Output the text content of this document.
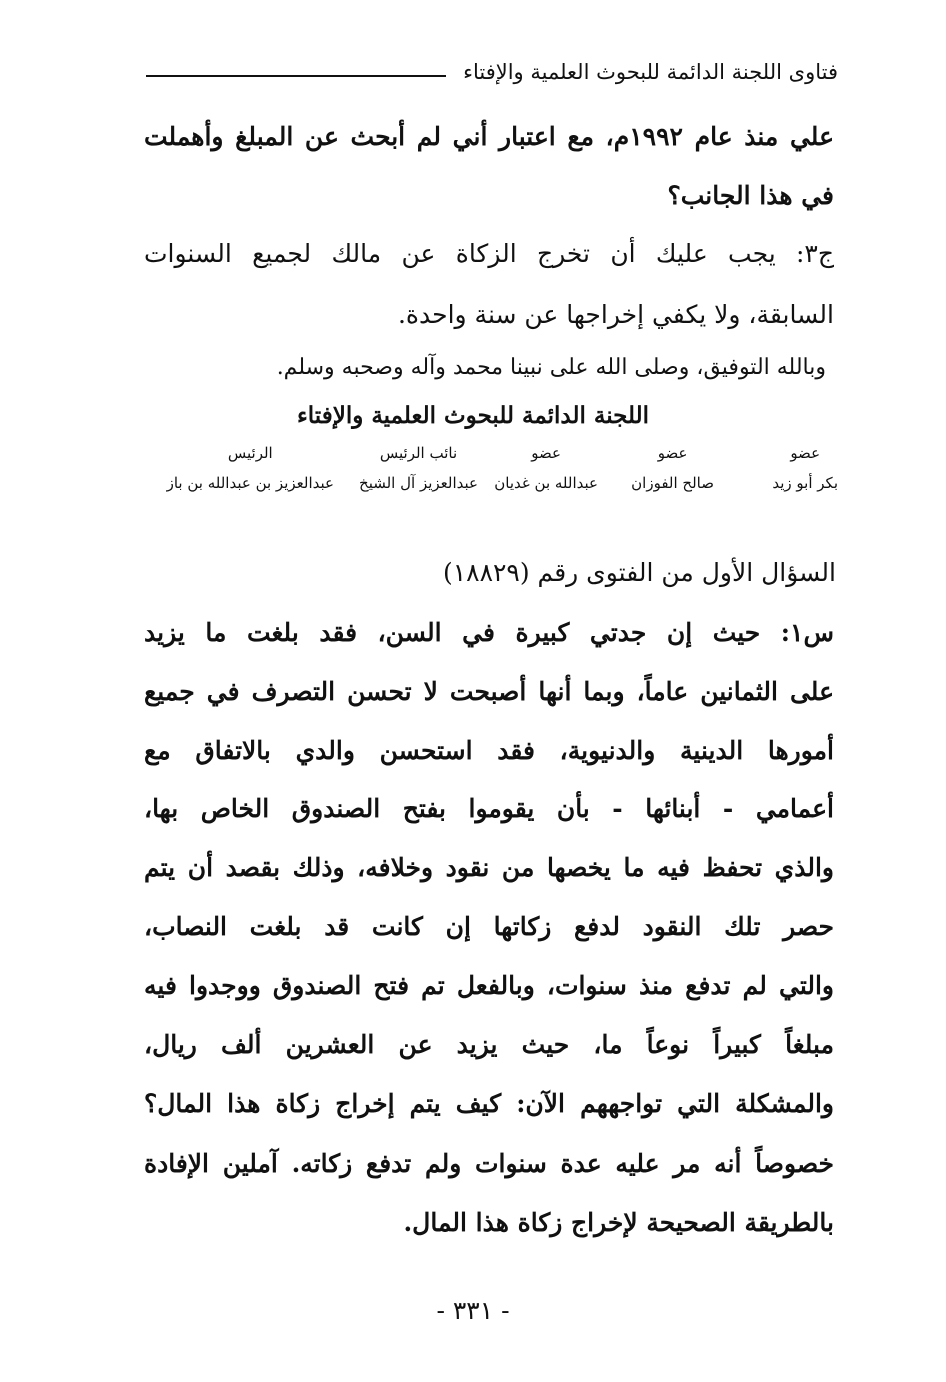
فتاوى اللجنة الدائمة للبحوث العلمية والإفتاء
علي منذ عام ١٩٩٢م، مع اعتبار أني لم أبحث عن المبلغ وأهملت
في هذا الجانب؟
ج٣: يجب عليك أن تخرج الزكاة عن مالك لجميع السنوات
السابقة، ولا يكفي إخراجها عن سنة واحدة.
وبالله التوفيق، وصلى الله على نبينا محمد وآله وصحبه وسلم.
اللجنة الدائمة للبحوث العلمية والإفتاء
عضو
بكر أبو زيد
عضو
صالح الفوزان
عضو
عبدالله بن غديان
نائب الرئيس
عبدالعزيز آل الشيخ
الرئيس
عبدالعزيز بن عبدالله بن باز
السؤال الأول من الفتوى رقم (١٨٨٢٩)
س١: حيث إن جدتي كبيرة في السن، فقد بلغت ما يزيد
على الثمانين عاماً، وبما أنها أصبحت لا تحسن التصرف في جميع
أمورها الدينية والدنيوية، فقد استحسن والدي بالاتفاق مع
أعمامي - أبنائها - بأن يقوموا بفتح الصندوق الخاص بها،
والذي تحفظ فيه ما يخصها من نقود وخلافه، وذلك بقصد أن يتم
حصر تلك النقود لدفع زكاتها إن كانت قد بلغت النصاب،
والتي لم تدفع منذ سنوات، وبالفعل تم فتح الصندوق ووجدوا فيه
مبلغاً كبيراً نوعاً ما، حيث يزيد عن العشرين ألف ريال،
والمشكلة التي تواجههم الآن: كيف يتم إخراج زكاة هذا المال؟
خصوصاً أنه مر عليه عدة سنوات ولم تدفع زكاته. آملين الإفادة
بالطريقة الصحيحة لإخراج زكاة هذا المال.
- ٣٣١ -
